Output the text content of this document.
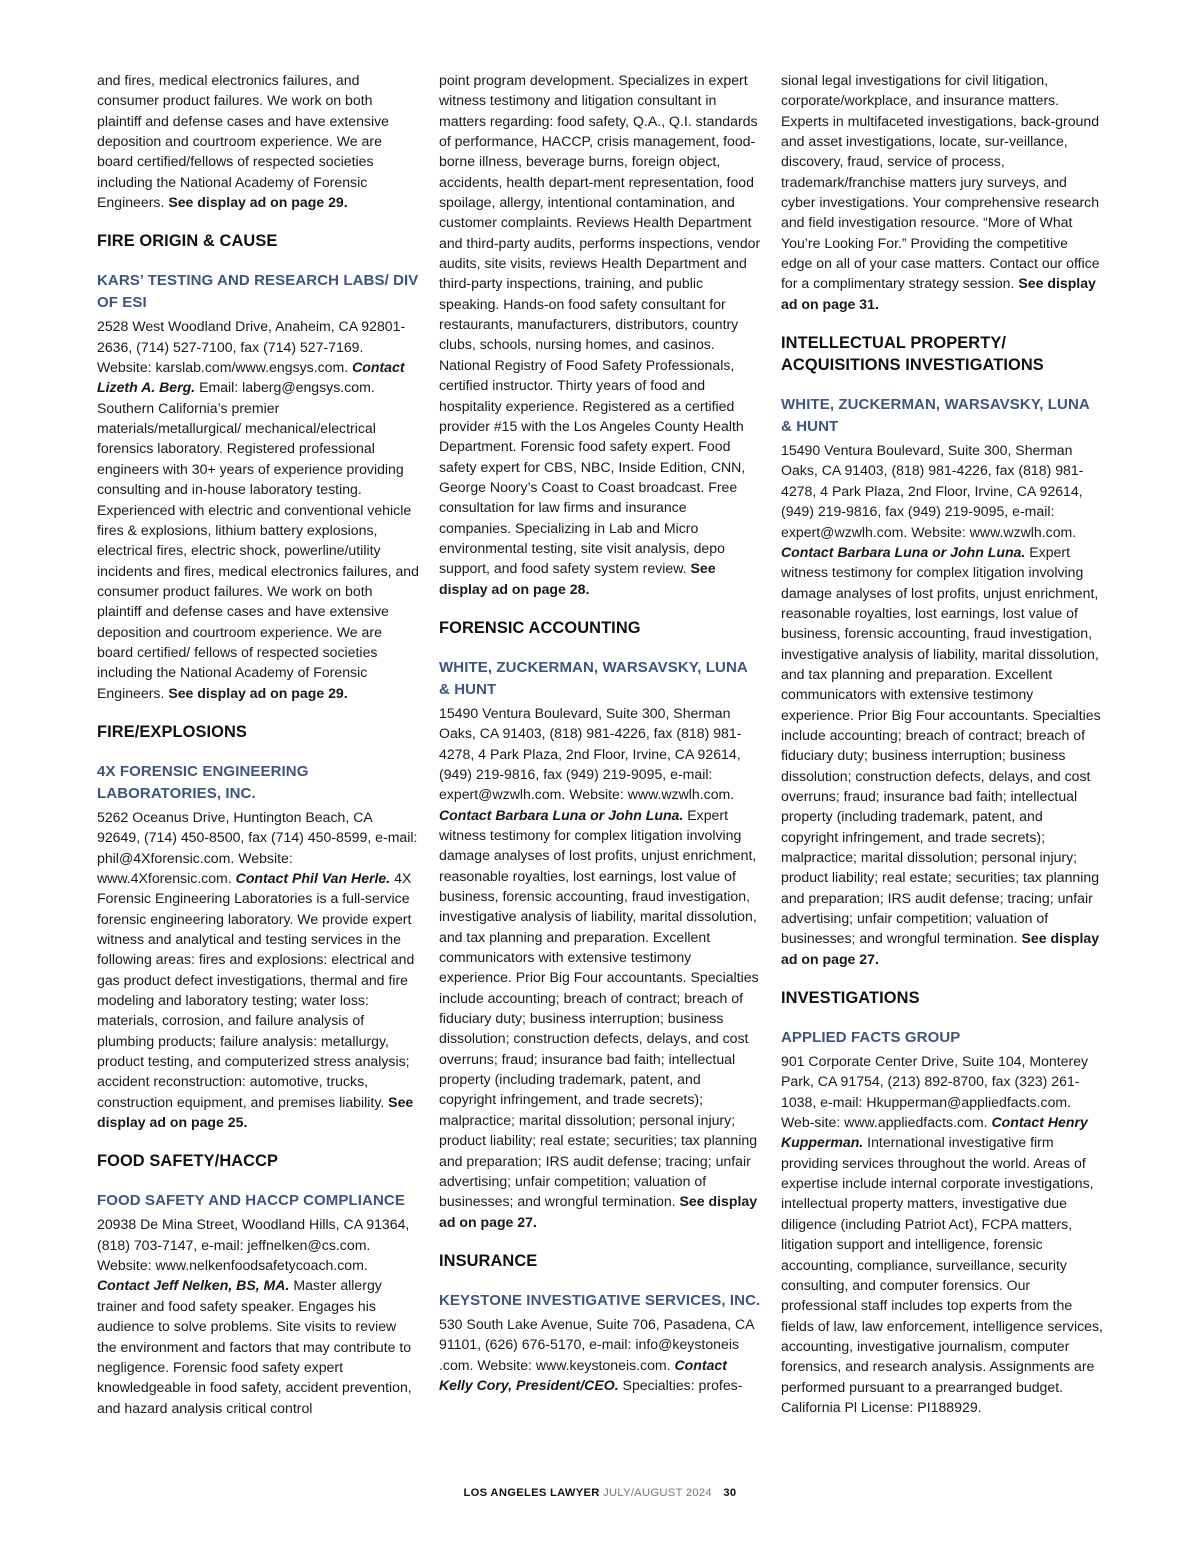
and fires, medical electronics failures, and consumer product failures. We work on both plaintiff and defense cases and have extensive deposition and courtroom experience. We are board certified/fellows of respected societies including the National Academy of Forensic Engineers. See display ad on page 29.

FIRE ORIGIN & CAUSE
KARS’ TESTING AND RESEARCH LABS/ DIV OF ESI

2528 West Woodland Drive, Anaheim, CA 92801-2636, (714) 527-7100, fax (714) 527-7169. Website: karslab.com/www.engsys.com. Contact Lizeth A. Berg. Email: laberg@engsys.com. Southern California’s premier materials/metallurgical/ mechanical/electrical forensics laboratory. Registered professional engineers with 30+ years of experience providing consulting and in-house laboratory testing. Experienced with electric and conventional vehicle fires & explosions, lithium battery explosions, electrical fires, electric shock, powerline/utility incidents and fires, medical electronics failures, and consumer product failures. We work on both plaintiff and defense cases and have extensive deposition and courtroom experience. We are board certified/ fellows of respected societies including the National Academy of Forensic Engineers. See display ad on page 29.

FIRE/EXPLOSIONS
4X FORENSIC ENGINEERING LABORATORIES, INC.

5262 Oceanus Drive, Huntington Beach, CA 92649, (714) 450-8500, fax (714) 450-8599, e-mail: phil@4Xforensic.com. Website: www.4Xforensic.com. Contact Phil Van Herle. 4X Forensic Engineering Laboratories is a full-service forensic engineering laboratory. We provide expert witness and analytical and testing services in the following areas: fires and explosions: electrical and gas product defect investigations, thermal and fire modeling and laboratory testing; water loss: materials, corrosion, and failure analysis of plumbing products; failure analysis: metallurgy, product testing, and computerized stress analysis; accident reconstruction: automotive, trucks, construction equipment, and premises liability. See display ad on page 25.

FOOD SAFETY/HACCP
FOOD SAFETY AND HACCP COMPLIANCE

20938 De Mina Street, Woodland Hills, CA 91364, (818) 703-7147, e-mail: jeffnelken@cs.com. Website: www.nelkenfoodsafetycoach.com. Contact Jeff Nelken, BS, MA. Master allergy trainer and food safety speaker. Engages his audience to solve problems. Site visits to review the environment and factors that may contribute to negligence. Forensic food safety expert knowledgeable in food safety, accident prevention, and hazard analysis critical control

point program development. Specializes in expert witness testimony and litigation consultant in matters regarding: food safety, Q.A., Q.I. standards of performance, HACCP, crisis management, food-borne illness, beverage burns, foreign object, accidents, health depart-ment representation, food spoilage, allergy, intentional contamination, and customer complaints. Reviews Health Department and third-party audits, performs inspections, vendor audits, site visits, reviews Health Department and third-party inspections, training, and public speaking. Hands-on food safety consultant for restaurants, manufacturers, distributors, country clubs, schools, nursing homes, and casinos. National Registry of Food Safety Professionals, certified instructor. Thirty years of food and hospitality experience. Registered as a certified provider #15 with the Los Angeles County Health Department. Forensic food safety expert. Food safety expert for CBS, NBC, Inside Edition, CNN, George Noory’s Coast to Coast broadcast. Free consultation for law firms and insurance companies. Specializing in Lab and Micro environmental testing, site visit analysis, depo support, and food safety system review. See display ad on page 28.

FORENSIC ACCOUNTING
WHITE, ZUCKERMAN, WARSAVSKY, LUNA & HUNT

15490 Ventura Boulevard, Suite 300, Sherman Oaks, CA 91403, (818) 981-4226, fax (818) 981-4278, 4 Park Plaza, 2nd Floor, Irvine, CA 92614, (949) 219-9816, fax (949) 219-9095, e-mail: expert@wzwlh.com. Website: www.wzwlh.com. Contact Barbara Luna or John Luna. Expert witness testimony for complex litigation involving damage analyses of lost profits, unjust enrichment, reasonable royalties, lost earnings, lost value of business, forensic accounting, fraud investigation, investigative analysis of liability, marital dissolution, and tax planning and preparation. Excellent communicators with extensive testimony experience. Prior Big Four accountants. Specialties include accounting; breach of contract; breach of fiduciary duty; business interruption; business dissolution; construction defects, delays, and cost overruns; fraud; insurance bad faith; intellectual property (including trademark, patent, and copyright infringement, and trade secrets); malpractice; marital dissolution; personal injury; product liability; real estate; securities; tax planning and preparation; IRS audit defense; tracing; unfair advertising; unfair competition; valuation of businesses; and wrongful termination. See display ad on page 27.

INSURANCE
KEYSTONE INVESTIGATIVE SERVICES, INC.

530 South Lake Avenue, Suite 706, Pasadena, CA 91101, (626) 676-5170, e-mail: info@keystoneis .com. Website: www.keystoneis.com. Contact Kelly Cory, President/CEO. Specialties: profes-

sional legal investigations for civil litigation, corporate/workplace, and insurance matters. Experts in multifaceted investigations, back-ground and asset investigations, locate, sur-veillance, discovery, fraud, service of process, trademark/franchise matters jury surveys, and cyber investigations. Your comprehensive research and field investigation resource. “More of What You’re Looking For.” Providing the competitive edge on all of your case matters. Contact our office for a complimentary strategy session. See display ad on page 31.

INTELLECTUAL PROPERTY/ ACQUISITIONS INVESTIGATIONS
WHITE, ZUCKERMAN, WARSAVSKY, LUNA & HUNT

15490 Ventura Boulevard, Suite 300, Sherman Oaks, CA 91403, (818) 981-4226, fax (818) 981-4278, 4 Park Plaza, 2nd Floor, Irvine, CA 92614, (949) 219-9816, fax (949) 219-9095, e-mail: expert@wzwlh.com. Website: www.wzwlh.com. Contact Barbara Luna or John Luna. Expert witness testimony for complex litigation involving damage analyses of lost profits, unjust enrichment, reasonable royalties, lost earnings, lost value of business, forensic accounting, fraud investigation, investigative analysis of liability, marital dissolution, and tax planning and preparation. Excellent communicators with extensive testimony experience. Prior Big Four accountants. Specialties include accounting; breach of contract; breach of fiduciary duty; business interruption; business dissolution; construction defects, delays, and cost overruns; fraud; insurance bad faith; intellectual property (including trademark, patent, and copyright infringement, and trade secrets); malpractice; marital dissolution; personal injury; product liability; real estate; securities; tax planning and preparation; IRS audit defense; tracing; unfair advertising; unfair competition; valuation of businesses; and wrongful termination. See display ad on page 27.

INVESTIGATIONS
APPLIED FACTS GROUP

901 Corporate Center Drive, Suite 104, Monterey Park, CA 91754, (213) 892-8700, fax (323) 261-1038, e-mail: Hkupperman@appliedfacts.com. Web-site: www.appliedfacts.com. Contact Henry Kupperman. International investigative firm providing services throughout the world. Areas of expertise include internal corporate investigations, intellectual property matters, investigative due diligence (including Patriot Act), FCPA matters, litigation support and intelligence, forensic accounting, compliance, surveillance, security consulting, and computer forensics. Our professional staff includes top experts from the fields of law, law enforcement, intelligence services, accounting, investigative journalism, computer forensics, and research analysis. Assignments are performed pursuant to a prearranged budget. California Pl License: PI188929.

LOS ANGELES LAWYER JULY/AUGUST 2024 30
